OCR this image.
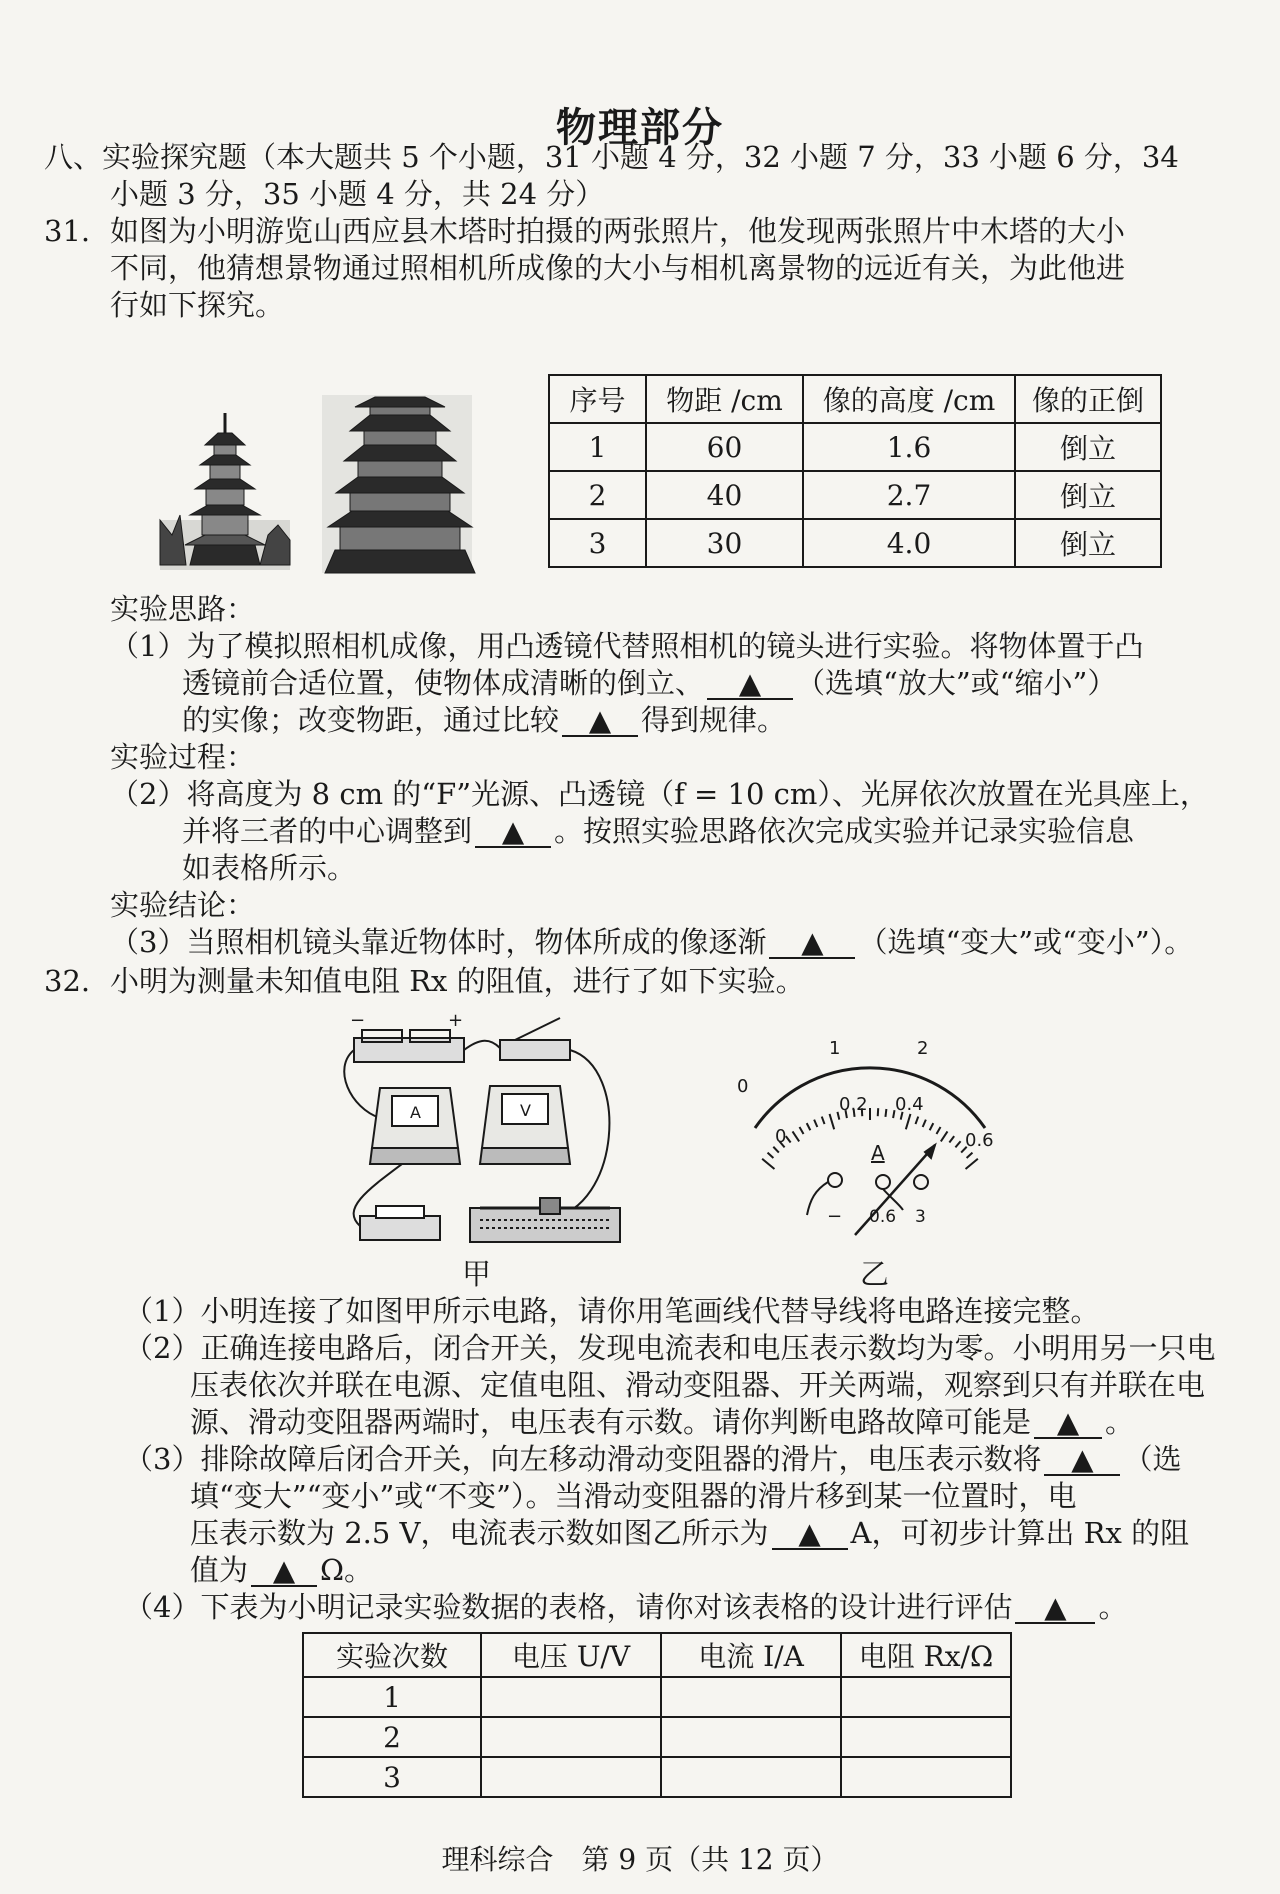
物理部分
八、实验探究题（本大题共 5 个小题，31 小题 4 分，32 小题 7 分，33 小题 6 分，34
小题 3 分，35 小题 4 分，共 24 分）
31. 如图为小明游览山西应县木塔时拍摄的两张照片，他发现两张照片中木塔的大小
不同，他猜想景物通过照相机所成像的大小与相机离景物的远近有关，为此他进
行如下探究。
序号	物距 /cm	像的高度 /cm	像的正倒
1	60	1.6	倒立
2	40	2.7	倒立
3	30	4.0	倒立
实验思路：
（1）为了模拟照相机成像，用凸透镜代替照相机的镜头进行实验。将物体置于凸
透镜前合适位置，使物体成清晰的倒立、 ▲ （选填“放大”或“缩小”）
的实像；改变物距，通过比较 ▲ 得到规律。
实验过程：
（2）将高度为 8 cm 的“F”光源、凸透镜（f = 10 cm）、光屏依次放置在光具座上，
并将三者的中心调整到 ▲ 。按照实验思路依次完成实验并记录实验信息
如表格所示。
实验结论：
（3）当照相机镜头靠近物体时，物体所成的像逐渐 ▲ （选填“变大”或“变小”）。
32. 小明为测量未知值电阻 Rx 的阻值，进行了如下实验。
−	+
A	V
甲
0
1	2
0
0.2 0.4
0.6
A
− 0.6 3
乙
（1）小明连接了如图甲所示电路，请你用笔画线代替导线将电路连接完整。
（2）正确连接电路后，闭合开关，发现电流表和电压表示数均为零。小明用另一只电
压表依次并联在电源、定值电阻、滑动变阻器、开关两端，观察到只有并联在电
源、滑动变阻器两端时，电压表有示数。请你判断电路故障可能是 ▲ 。
（3）排除故障后闭合开关，向左移动滑动变阻器的滑片，电压表示数将 ▲ （选
填“变大”“变小”或“不变”）。当滑动变阻器的滑片移到某一位置时，电
压表示数为 2.5 V，电流表示数如图乙所示为 ▲ A，可初步计算出 Rx 的阻
值为 ▲ Ω。
（4）下表为小明记录实验数据的表格，请你对该表格的设计进行评估 ▲ 。
实验次数	电压 U/V	电流 I/A	电阻 Rx/Ω
1			
2			
3			
理科综合　第 9 页（共 12 页）
